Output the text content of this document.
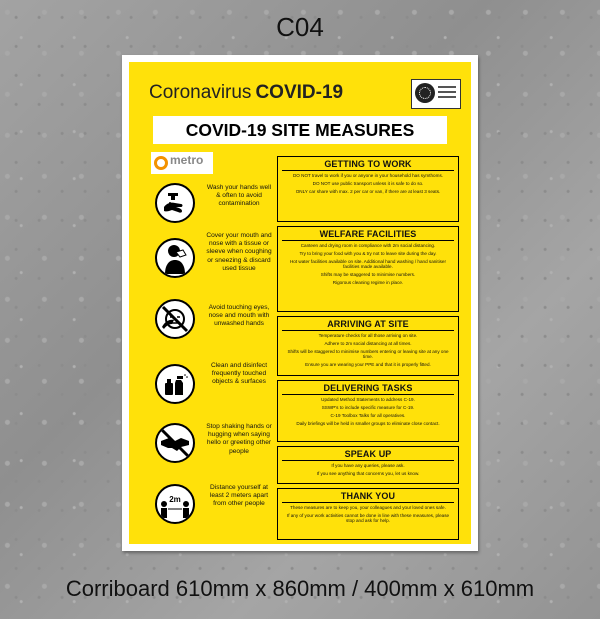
C04
Coronavirus COVID-19
COVID-19 SITE MEASURES
metro
Wash your hands well & often to avoid contamination
Cover your mouth and nose with a tissue or sleeve when coughing or sneezing & discard used tissue
Avoid touching eyes, nose and mouth with unwashed hands
Clean and disinfect frequently touched objects & surfaces
Stop shaking hands or hugging when saying hello or greeting other people
2m
Distance yourself at least 2 meters apart from other people
GETTING TO WORK
DO NOT travel to work if you or anyone in your household has symthoms.
DO NOT use public transport unless it is safe to do so.
ONLY car share with max. 2 per car or van, if there are at least 3 seats.
WELFARE FACILITIES
Canteen and drying room in compliance with 2m social distancing.
Try to bring your food with you & try not to leave site during the day.
Hot water facilities available on site. Additional hand washing / hand sanitiser facilities made available.
Shifts may be staggered to minimise numbers.
Rigorous cleaning regime in place.
ARRIVING AT SITE
Temperature checks for all those arriving on site.
Adhere to 2m social distancing at all times.
Shifts will be staggered to minimise numbers entering or leaving site at any one time.
Ensure you are wearing your PPE and that it is properly fitted.
DELIVERING TASKS
Updated Method Statements to address C-19.
SSWP's to include specific measure for C-19.
C-19 Toolbox Talks for all operatives.
Daily briefings will be held in smaller groups to eliminate close contact.
SPEAK UP
If you have any queries, please ask.
If you see anything that concerns you, let us know.
THANK YOU
These measures are to keep you, your colleagues and your loved ones safe.
If any of your work activities cannot be done in line with these measures, please stop and ask for help.
Corriboard 610mm x 860mm / 400mm x 610mm
